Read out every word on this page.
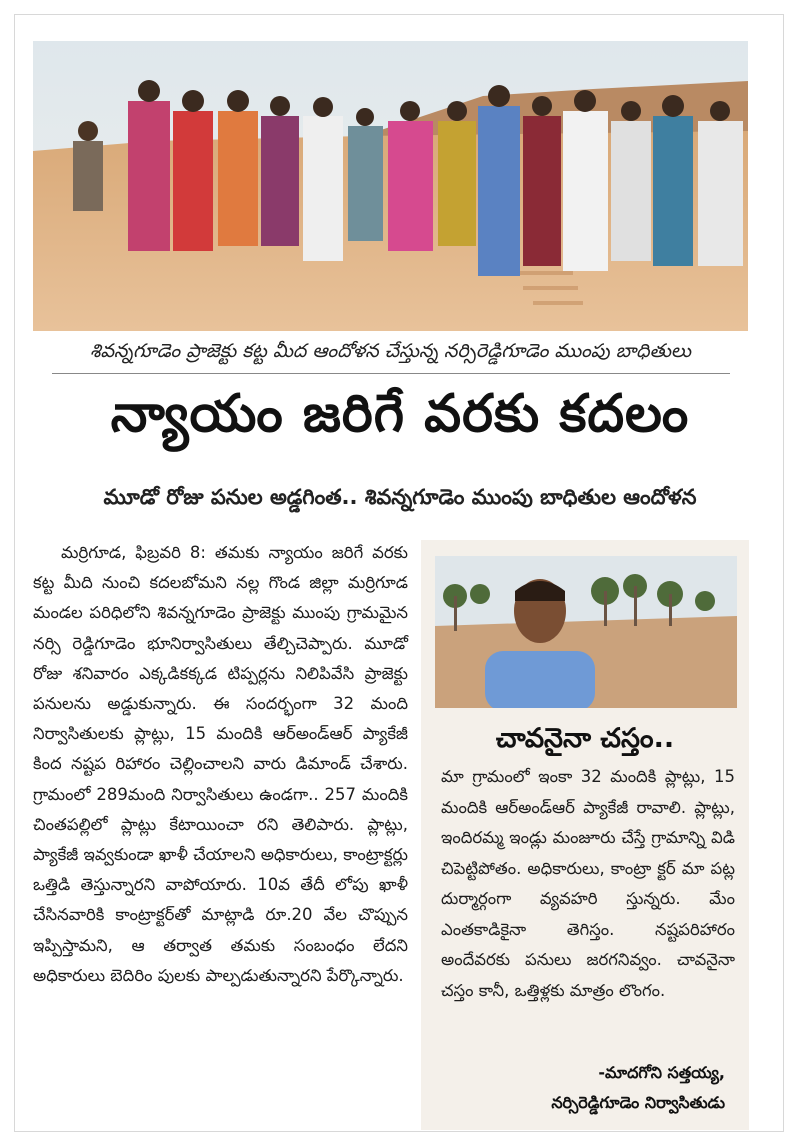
శివన్నగూడెం ప్రాజెక్టు కట్ట మీద ఆందోళన చేస్తున్న నర్సిరెడ్డిగూడెం ముంపు బాధితులు
న్యాయం జరిగే వరకు కదలం
మూడో రోజు పనుల అడ్డగింత.. శివన్నగూడెం ముంపు బాధితుల ఆందోళన

మర్రిగూడ, ఫిబ్రవరి 8: తమకు న్యాయం జరిగే వరకు కట్ట మీది నుంచి కదలబోమని నల్ల గొండ జిల్లా మర్రిగూడ మండల పరిధిలోని శివన్నగూడెం ప్రాజెక్టు ముంపు గ్రామమైన నర్సి రెడ్డిగూడెం భూనిర్వాసితులు తేల్చిచెప్పారు. మూడో రోజు శనివారం ఎక్కడికక్కడ టిప్పర్లను నిలిపివేసి ప్రాజెక్టు పనులను అడ్డుకున్నారు. ఈ సందర్భంగా 32 మంది నిర్వాసితులకు ప్లాట్లు, 15 మందికి ఆర్‌అండ్‌ఆర్ ప్యాకేజీ కింద నష్టప రిహారం చెల్లించాలని వారు డిమాండ్ చేశారు. గ్రామంలో 289మంది నిర్వాసితులు ఉండగా.. 257 మందికి చింతపల్లిలో ప్లాట్లు కేటాయించా రని తెలిపారు. ప్లాట్లు, ప్యాకేజీ ఇవ్వకుండా ఖాళీ చేయాలని అధికారులు, కాంట్రాక్టర్లు ఒత్తిడి తెస్తున్నారని వాపోయారు. 10వ తేదీ లోపు ఖాళీ చేసినవారికి కాంట్రాక్టర్‌తో మాట్లాడి రూ.20 వేల చొప్పున ఇప్పిస్తామని, ఆ తర్వాత తమకు సంబంధం లేదని అధికారులు బెదిరిం పులకు పాల్పడుతున్నారని పేర్కొన్నారు.

చావనైనా చస్తం..
మా గ్రామంలో ఇంకా 32 మందికి ప్లాట్లు, 15 మందికి ఆర్‌అండ్‌ఆర్ ప్యాకేజీ రావాలి. ప్లాట్లు, ఇందిరమ్మ ఇండ్లు మంజూరు చేస్తే గ్రామాన్ని విడి చిపెట్టిపోతం. అధికారులు, కాంట్రా క్టర్ మా పట్ల దుర్మార్గంగా వ్యవహరి స్తున్నరు. మేం ఎంతకాడికైనా తెగిస్తం. నష్టపరిహారం అందేవరకు పనులు జరగనివ్వం. చావనైనా చస్తం కానీ, ఒత్తిళ్లకు మాత్రం లొంగం.
-మాదగోని సత్తయ్య,
నర్సిరెడ్డిగూడెం నిర్వాసితుడు
